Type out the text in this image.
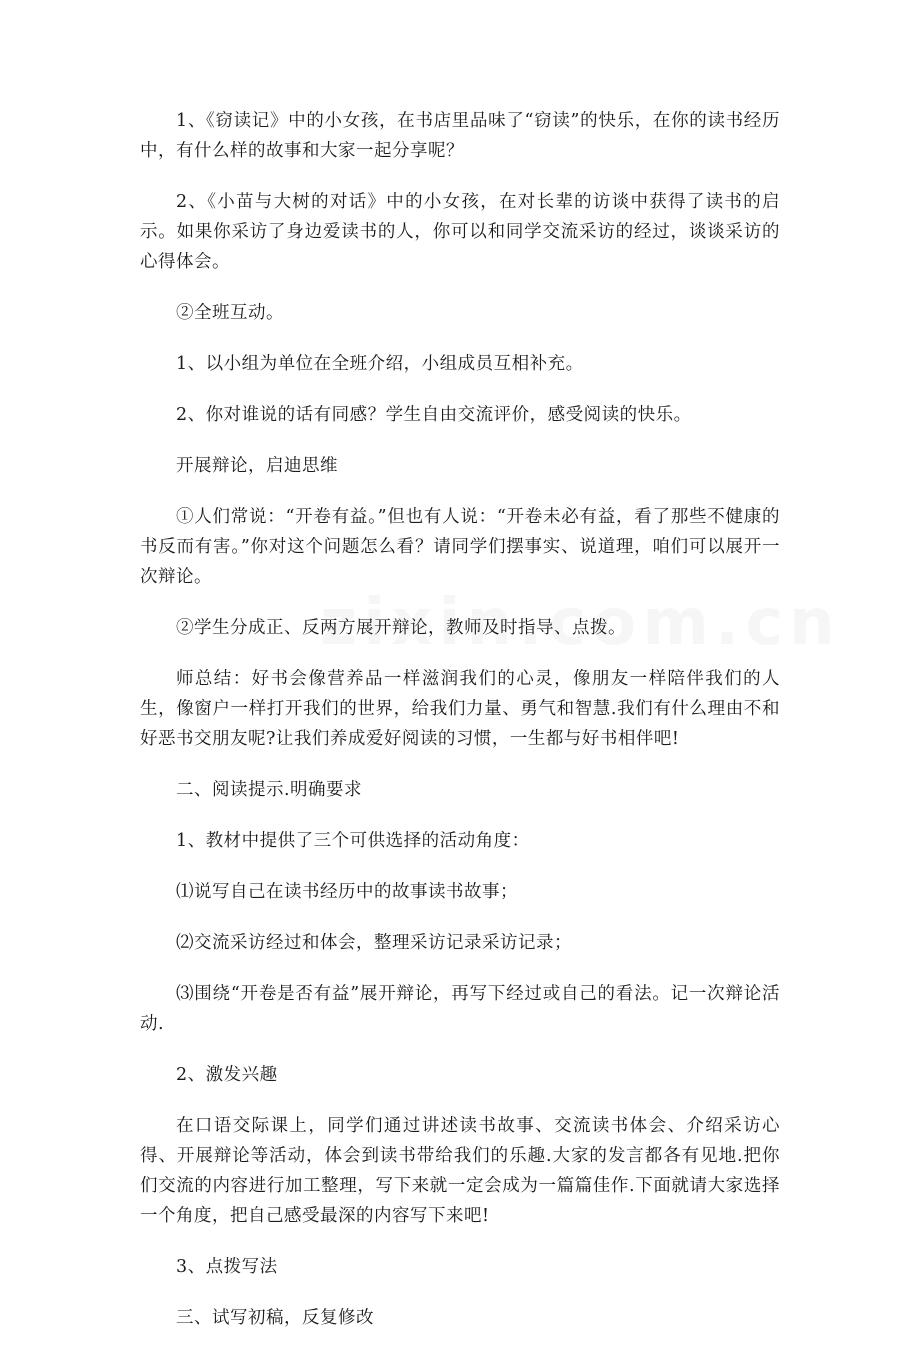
1、《窃读记》中的小女孩，在书店里品味了“窃读”的快乐，在你的读书经历中，有什么样的故事和大家一起分享呢？

2、《小苗与大树的对话》中的小女孩，在对长辈的访谈中获得了读书的启示。如果你采访了身边爱读书的人，你可以和同学交流采访的经过，谈谈采访的心得体会。

②全班互动。

1、以小组为单位在全班介绍，小组成员互相补充。

2、你对谁说的话有同感？学生自由交流评价，感受阅读的快乐。

开展辩论，启迪思维

①人们常说：“开卷有益。”但也有人说：“开卷未必有益，看了那些不健康的书反而有害。”你对这个问题怎么看？请同学们摆事实、说道理，咱们可以展开一次辩论。

②学生分成正、反两方展开辩论，教师及时指导、点拨。

师总结：好书会像营养品一样滋润我们的心灵，像朋友一样陪伴我们的人生，像窗户一样打开我们的世界，给我们力量、勇气和智慧.我们有什么理由不和好恶书交朋友呢?让我们养成爱好阅读的习惯，一生都与好书相伴吧!

二、阅读提示.明确要求

1、教材中提供了三个可供选择的活动角度：

⑴说写自己在读书经历中的故事读书故事；

⑵交流采访经过和体会，整理采访记录采访记录；

⑶围绕“开卷是否有益”展开辩论，再写下经过或自己的看法。记一次辩论活动.

2、激发兴趣

在口语交际课上，同学们通过讲述读书故事、交流读书体会、介绍采访心得、开展辩论等活动，体会到读书带给我们的乐趣.大家的发言都各有见地.把你们交流的内容进行加工整理，写下来就一定会成为一篇篇佳作.下面就请大家选择一个角度，把自己感受最深的内容写下来吧!

3、点拨写法

三、试写初稿，反复修改
